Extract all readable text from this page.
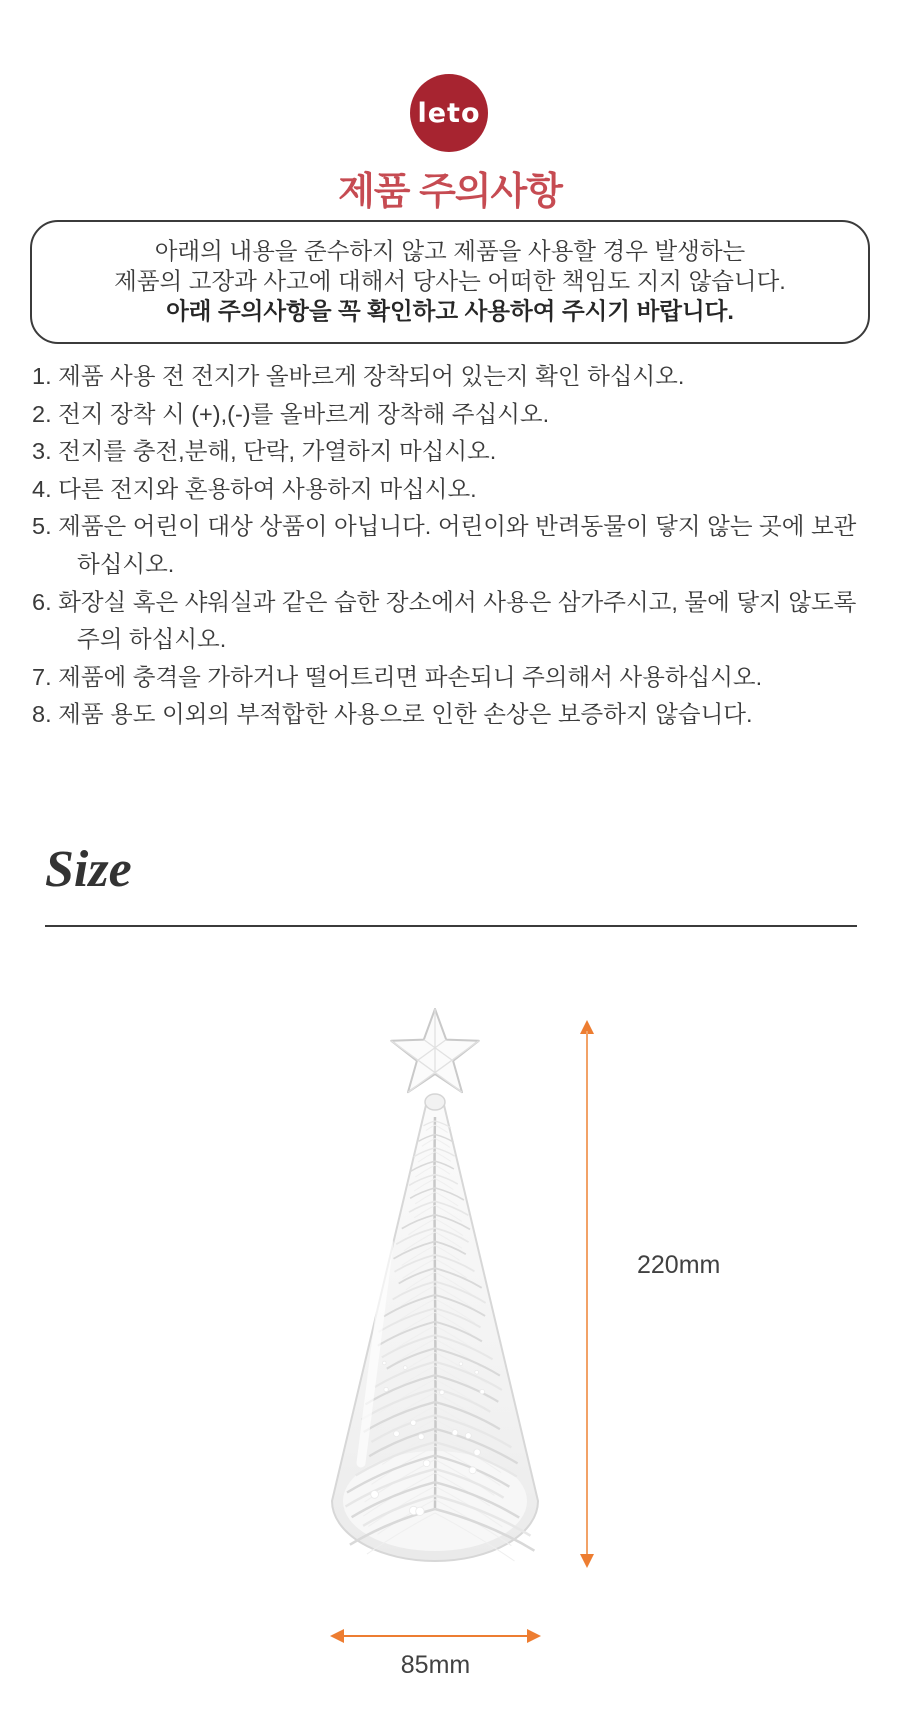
leto
제품 주의사항
아래의 내용을 준수하지 않고 제품을 사용할 경우 발생하는
제품의 고장과 사고에 대해서 당사는 어떠한 책임도 지지 않습니다.
아래 주의사항을 꼭 확인하고 사용하여 주시기 바랍니다.
1. 제품 사용 전 전지가 올바르게 장착되어 있는지 확인 하십시오.
2. 전지 장착 시 (+),(-)를 올바르게 장착해 주십시오.
3. 전지를 충전,분해, 단락, 가열하지 마십시오.
4. 다른 전지와 혼용하여 사용하지 마십시오.
5. 제품은 어린이 대상 상품이 아닙니다. 어린이와 반려동물이 닿지 않는 곳에 보관하십시오.
6. 화장실 혹은 샤워실과 같은 습한 장소에서 사용은 삼가주시고, 물에 닿지 않도록 주의 하십시오.
7. 제품에 충격을 가하거나 떨어트리면 파손되니 주의해서 사용하십시오.
8. 제품 용도 이외의 부적합한 사용으로 인한 손상은 보증하지 않습니다.
Size
220mm
85mm
